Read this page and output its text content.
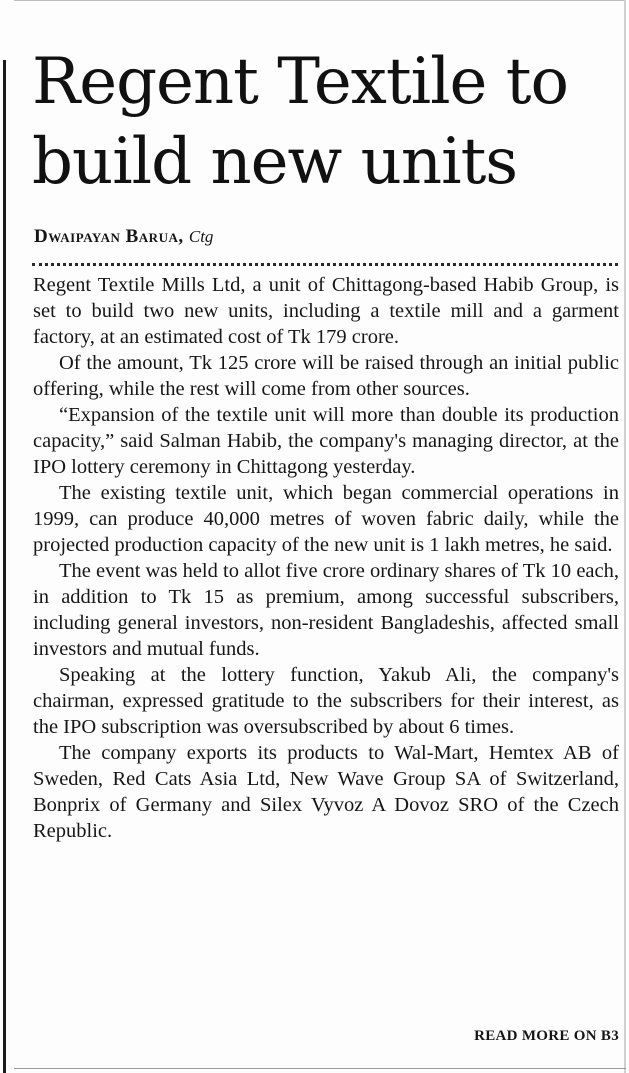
Regent Textile to build new units
Dwaipayan Barua, Ctg

Regent Textile Mills Ltd, a unit of Chittagong-based Habib Group, is set to build two new units, including a textile mill and a garment factory, at an estimated cost of Tk 179 crore.

Of the amount, Tk 125 crore will be raised through an initial public offering, while the rest will come from other sources.

“Expansion of the textile unit will more than double its production capacity,” said Salman Habib, the company's managing director, at the IPO lottery ceremony in Chittagong yesterday.

The existing textile unit, which began commercial operations in 1999, can produce 40,000 metres of woven fabric daily, while the projected production capacity of the new unit is 1 lakh metres, he said.

The event was held to allot five crore ordinary shares of Tk 10 each, in addition to Tk 15 as premium, among successful subscribers, including general investors, non-resident Bangladeshis, affected small investors and mutual funds.

Speaking at the lottery function, Yakub Ali, the company's chairman, expressed gratitude to the subscribers for their interest, as the IPO subscription was oversubscribed by about 6 times.

The company exports its products to Wal-Mart, Hemtex AB of Sweden, Red Cats Asia Ltd, New Wave Group SA of Switzerland, Bonprix of Germany and Silex Vyvoz A Dovoz SRO of the Czech Republic.

READ MORE ON B3
